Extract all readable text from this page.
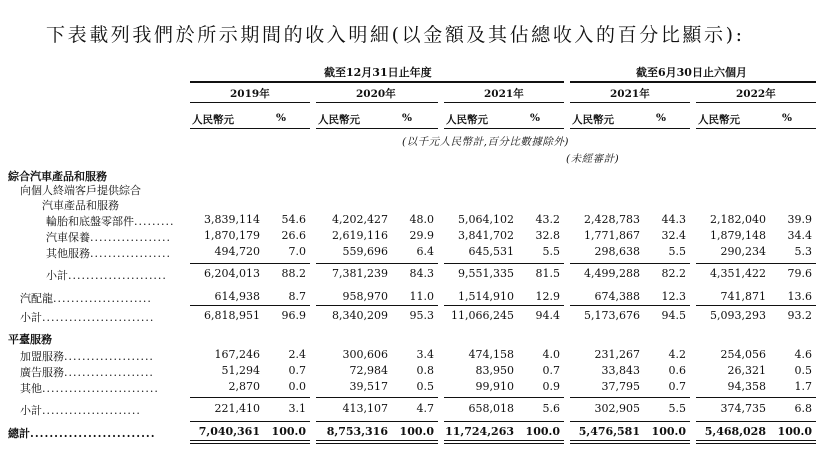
下表載列我們於所示期間的收入明細(以金額及其佔總收入的百分比顯示):
截至12月31日止年度	截至6月30日止六個月
2019年	2020年	2021年	2021年	2022年
人民幣元	%	人民幣元	%	人民幣元	%	人民幣元	%	人民幣元	%
(以千元人民幣計,百分比數據除外)
(未經審計)
綜合汽車產品和服務
向個人終端客戶提供綜合
汽車產品和服務
輪胎和底盤零部件.........	3,839,114 54.6 4,202,427 48.0 5,064,102 43.2 2,428,783 44.3 2,182,040 39.9
汽車保養..................	1,870,179 26.6 2,619,116 29.9 3,841,702 32.8 1,771,867 32.4 1,879,148 34.4
其他服務..................	494,720	7.0	559,696	6.4	645,531	5.5	298,638	5.5	290,234	5.3
小計......................	6,204,013 88.2 7,381,239 84.3 9,551,335 81.5 4,499,288 82.2 4,351,422 79.6
汽配龍......................	614,938	8.7	958,970 11.0 1,514,910 12.9	674,388 12.3	741,871 13.6
小計.........................	6,818,951 96.9 8,340,209 95.3 11,066,245 94.4 5,173,676 94.5 5,093,293 93.2
平臺服務
加盟服務....................	167,246	2.4	300,606	3.4	474,158	4.0	231,267	4.2	254,056	4.6
廣告服務....................	51,294	0.7	72,984	0.8	83,950	0.7	33,843	0.6	26,321	0.5
其他..........................	2,870	0.0	39,517	0.5	99,910	0.9	37,795	0.7	94,358	1.7
小計......................	221,410	3.1	413,107	4.7	658,018	5.6	302,905	5.5	374,735	6.8
總計..........................	7,040,361 100.0 8,753,316 100.0 11,724,263 100.0 5,476,581 100.0 5,468,028 100.0
